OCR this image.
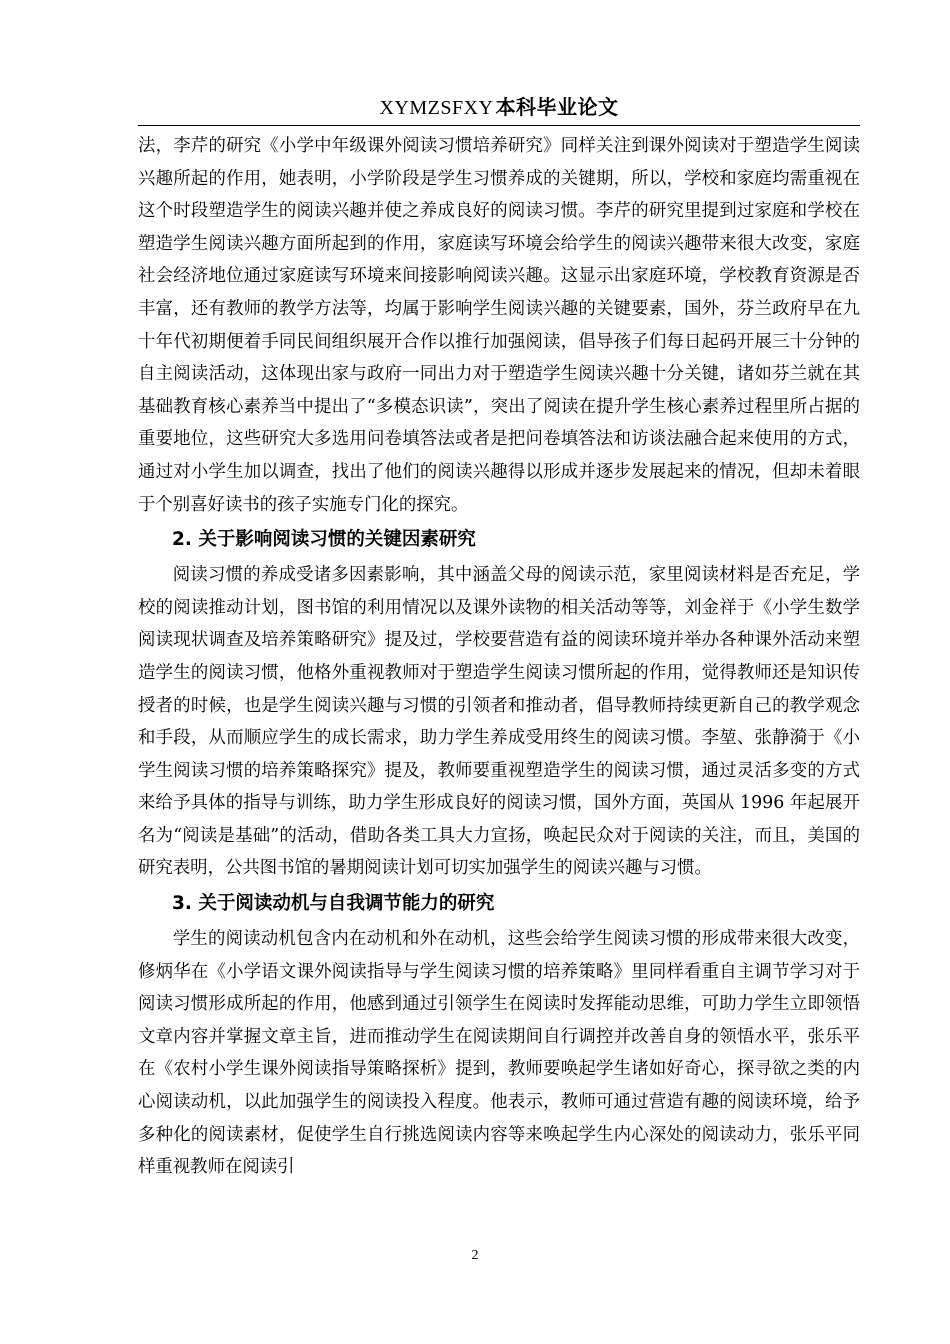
XYMZSFXY 本科毕业论文

法，李芹的研究《小学中年级课外阅读习惯培养研究》同样关注到课外阅读对于塑造学生阅读兴趣所起的作用，她表明，小学阶段是学生习惯养成的关键期，所以，学校和家庭均需重视在这个时段塑造学生的阅读兴趣并使之养成良好的阅读习惯。李芹的研究里提到过家庭和学校在塑造学生阅读兴趣方面所起到的作用，家庭读写环境会给学生的阅读兴趣带来很大改变，家庭社会经济地位通过家庭读写环境来间接影响阅读兴趣。这显示出家庭环境，学校教育资源是否丰富，还有教师的教学方法等，均属于影响学生阅读兴趣的关键要素，国外，芬兰政府早在九十年代初期便着手同民间组织展开合作以推行加强阅读，倡导孩子们每日起码开展三十分钟的自主阅读活动，这体现出家与政府一同出力对于塑造学生阅读兴趣十分关键，诸如芬兰就在其基础教育核心素养当中提出了“多模态识读”，突出了阅读在提升学生核心素养过程里所占据的重要地位，这些研究大多选用问卷填答法或者是把问卷填答法和访谈法融合起来使用的方式，通过对小学生加以调查，找出了他们的阅读兴趣得以形成并逐步发展起来的情况，但却未着眼于个别喜好读书的孩子实施专门化的探究。

2. 关于影响阅读习惯的关键因素研究

阅读习惯的养成受诸多因素影响，其中涵盖父母的阅读示范，家里阅读材料是否充足，学校的阅读推动计划，图书馆的利用情况以及课外读物的相关活动等等，刘金祥于《小学生数学阅读现状调查及培养策略研究》提及过，学校要营造有益的阅读环境并举办各种课外活动来塑造学生的阅读习惯，他格外重视教师对于塑造学生阅读习惯所起的作用，觉得教师还是知识传授者的时候，也是学生阅读兴趣与习惯的引领者和推动者，倡导教师持续更新自己的教学观念和手段，从而顺应学生的成长需求，助力学生养成受用终生的阅读习惯。李堃、张静漪于《小学生阅读习惯的培养策略探究》提及，教师要重视塑造学生的阅读习惯，通过灵活多变的方式来给予具体的指导与训练，助力学生形成良好的阅读习惯，国外方面，英国从 1996 年起展开名为“阅读是基础”的活动，借助各类工具大力宣扬，唤起民众对于阅读的关注，而且，美国的研究表明，公共图书馆的暑期阅读计划可切实加强学生的阅读兴趣与习惯。

3. 关于阅读动机与自我调节能力的研究

学生的阅读动机包含内在动机和外在动机，这些会给学生阅读习惯的形成带来很大改变，修炳华在《小学语文课外阅读指导与学生阅读习惯的培养策略》里同样看重自主调节学习对于阅读习惯形成所起的作用，他感到通过引领学生在阅读时发挥能动思维，可助力学生立即领悟文章内容并掌握文章主旨，进而推动学生在阅读期间自行调控并改善自身的领悟水平，张乐平在《农村小学生课外阅读指导策略探析》提到，教师要唤起学生诸如好奇心，探寻欲之类的内心阅读动机，以此加强学生的阅读投入程度。他表示，教师可通过营造有趣的阅读环境，给予多种化的阅读素材，促使学生自行挑选阅读内容等来唤起学生内心深处的阅读动力，张乐平同样重视教师在阅读引

2
